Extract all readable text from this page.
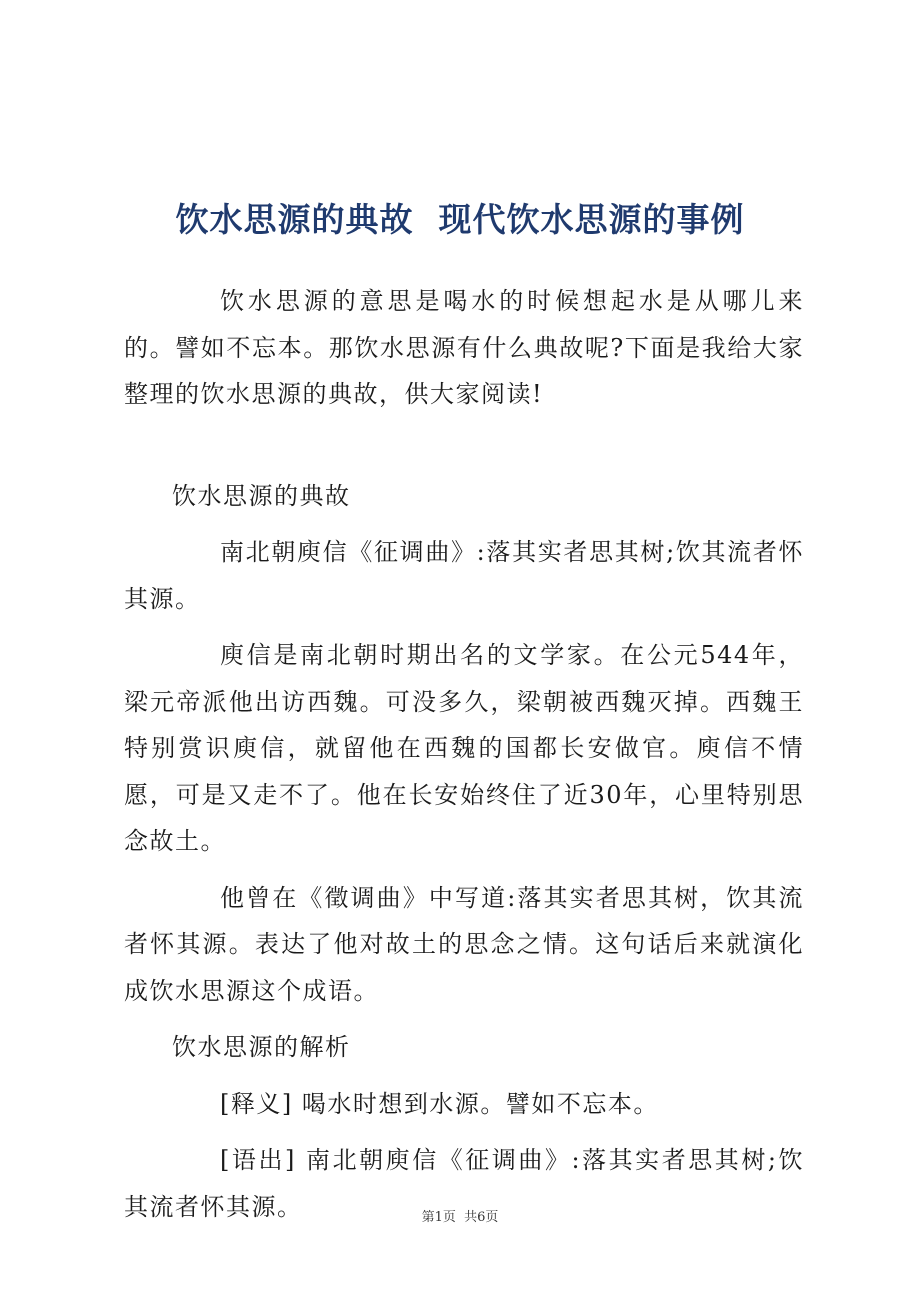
饮水思源的典故  现代饮水思源的事例

饮水思源的意思是喝水的时候想起水是从哪儿来的。譬如不忘本。那饮水思源有什么典故呢?下面是我给大家整理的饮水思源的典故，供大家阅读!

饮水思源的典故

南北朝庾信《征调曲》:落其实者思其树;饮其流者怀其源。

庾信是南北朝时期出名的文学家。在公元544年，梁元帝派他出访西魏。可没多久，梁朝被西魏灭掉。西魏王特别赏识庾信，就留他在西魏的国都长安做官。庾信不情愿，可是又走不了。他在长安始终住了近30年，心里特别思念故土。

他曾在《徵调曲》中写道:落其实者思其树，饮其流者怀其源。表达了他对故土的思念之情。这句话后来就演化成饮水思源这个成语。

饮水思源的解析

[释义] 喝水时想到水源。譬如不忘本。

[语出] 南北朝庾信《征调曲》:落其实者思其树;饮其流者怀其源。	第1页  共6页
